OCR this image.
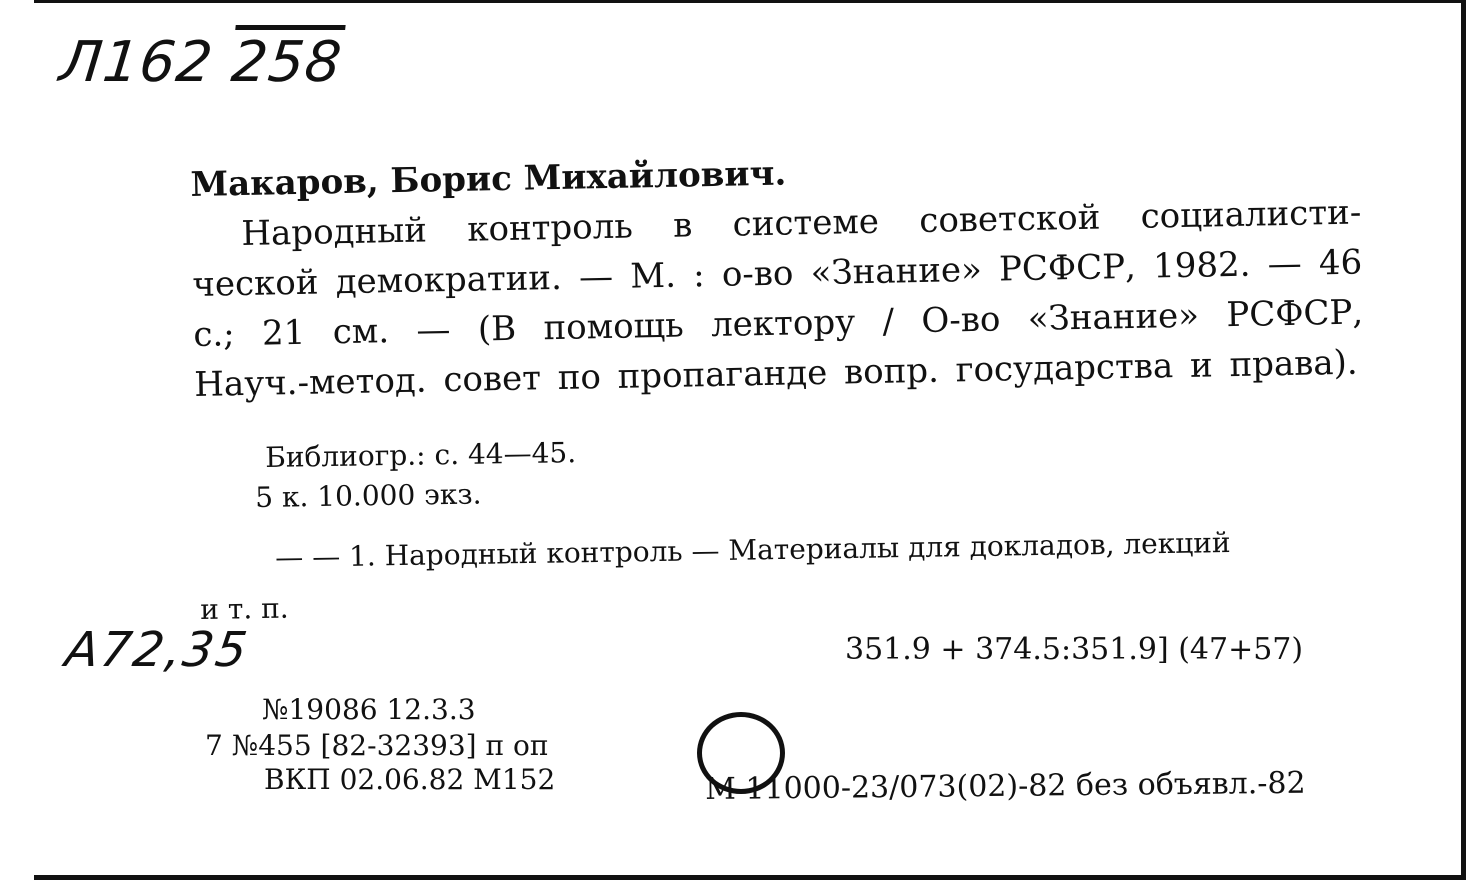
Л162 258
Макаров, Борис Михайлович.
Народный контроль в системе советской социалисти-ческой демократии. — М. : о-во «Знание» РСФСР, 1982. — 46 с.; 21 см. — (В помощь лектору / О-во «Знание» РСФСР, Науч.-метод. совет по пропаганде вопр. государства и права).
Библиогр.: с. 44—45.
5 к. 10.000 экз.
— — 1. Народный контроль — Материалы для докладов, лекций
и т. п.
А72,35	351.9 + 374.5:351.9] (47+57)
№19086 12.3.3
7 №455 [82-32393] п оп
ВКП 02.06.82 М152	М 11000-23/073(02)-82 без объявл.-82
